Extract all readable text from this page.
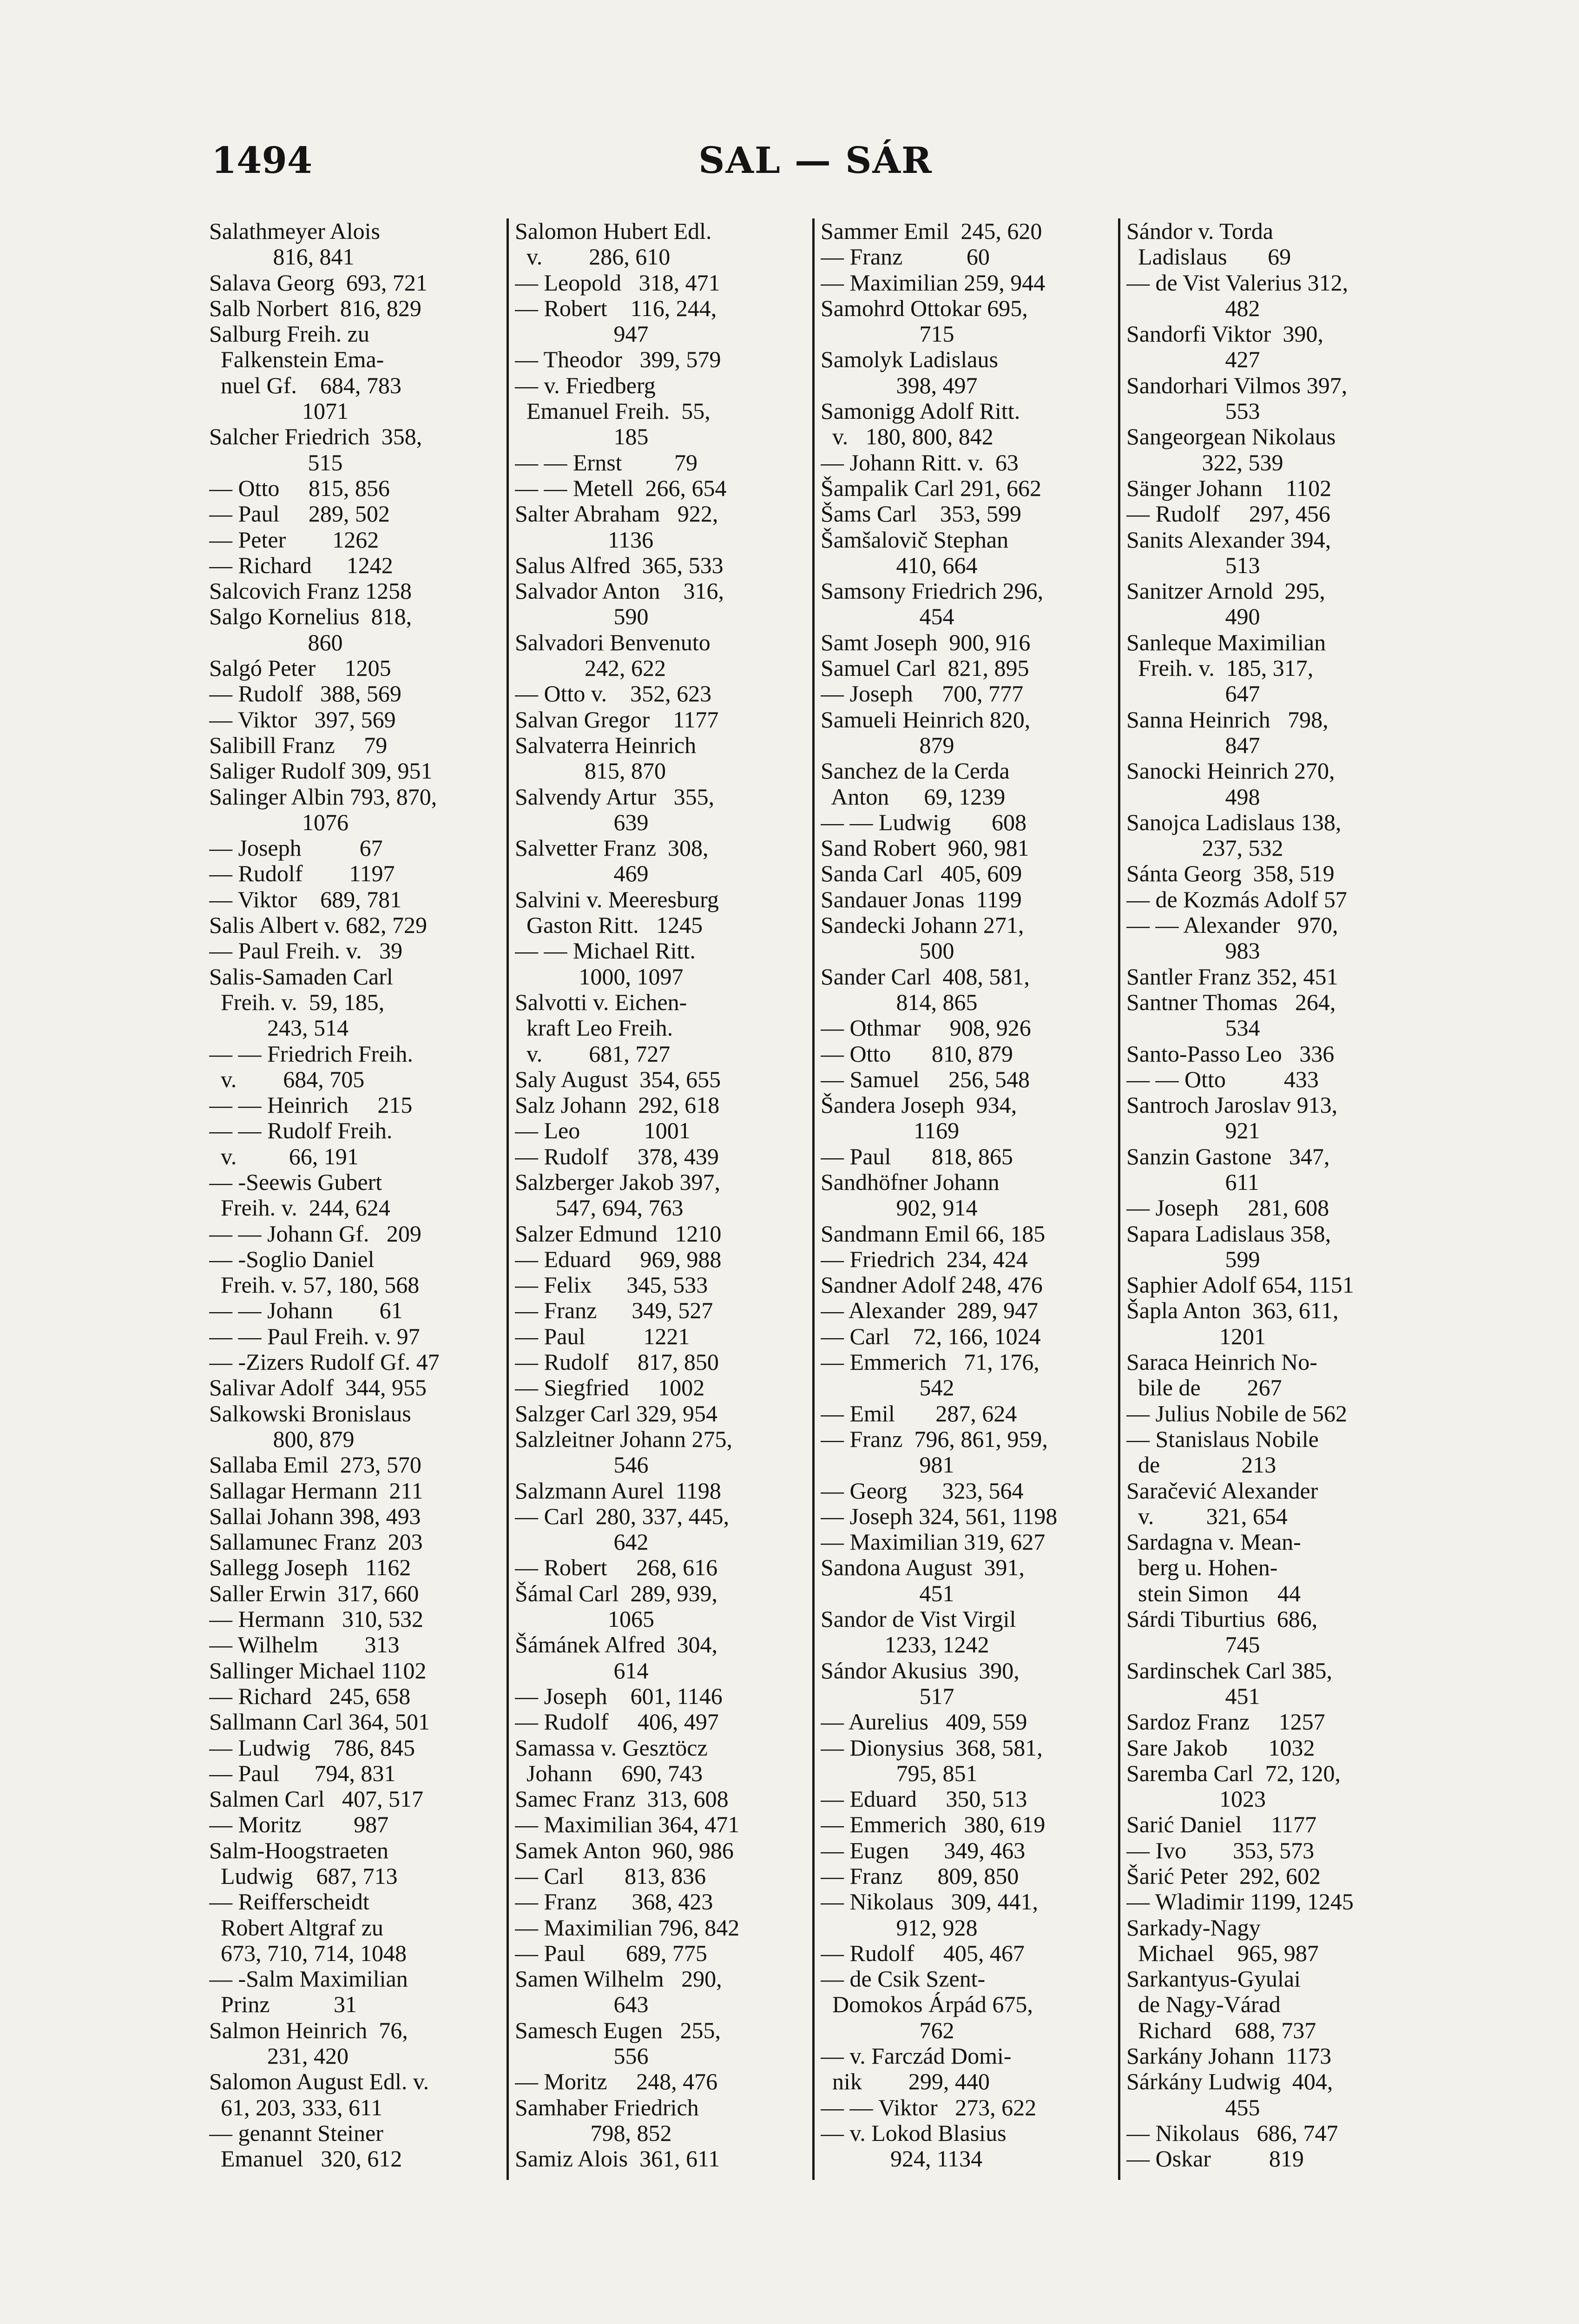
1494	SAL — SÁR
Salathmeyer Alois
816, 841
Salava Georg  693, 721
Salb Norbert  816, 829
Salburg Freih. zu
Falkenstein Ema-
nuel Gf.    684, 783
1071
Salcher Friedrich  358,
515
— Otto     815, 856
— Paul     289, 502
— Peter        1262
— Richard      1242
Salcovich Franz 1258
Salgo Kornelius  818,
860
Salgó Peter     1205
— Rudolf   388, 569
— Viktor   397, 569
Salibill Franz     79
Saliger Rudolf 309, 951
Salinger Albin 793, 870,
1076
— Joseph          67
— Rudolf        1197
— Viktor    689, 781
Salis Albert v. 682, 729
— Paul Freih. v.   39
Salis-Samaden Carl
Freih. v.  59, 185,
243, 514
— — Friedrich Freih.
v.        684, 705
— — Heinrich     215
— — Rudolf Freih.
v.         66, 191
— -Seewis Gubert
Freih. v.  244, 624
— — Johann Gf.   209
— -Soglio Daniel
Freih. v. 57, 180, 568
— — Johann        61
— — Paul Freih. v. 97
— -Zizers Rudolf Gf. 47
Salivar Adolf  344, 955
Salkowski Bronislaus
800, 879
Sallaba Emil  273, 570
Sallagar Hermann  211
Sallai Johann 398, 493
Sallamunec Franz  203
Sallegg Joseph   1162
Saller Erwin  317, 660
— Hermann   310, 532
— Wilhelm        313
Sallinger Michael 1102
— Richard   245, 658
Sallmann Carl 364, 501
— Ludwig    786, 845
— Paul      794, 831
Salmen Carl   407, 517
— Moritz         987
Salm-Hoogstraeten
Ludwig    687, 713
— Reifferscheidt
Robert Altgraf zu
673, 710, 714, 1048
— -Salm Maximilian
Prinz           31
Salmon Heinrich  76,
231, 420
Salomon August Edl. v.
61, 203, 333, 611
— genannt Steiner
Emanuel   320, 612
Salomon Hubert Edl.
v.        286, 610
— Leopold   318, 471
— Robert    116, 244,
947
— Theodor   399, 579
— v. Friedberg
Emanuel Freih.  55,
185
— — Ernst         79
— — Metell  266, 654
Salter Abraham   922,
1136
Salus Alfred  365, 533
Salvador Anton    316,
590
Salvadori Benvenuto
242, 622
— Otto v.    352, 623
Salvan Gregor    1177
Salvaterra Heinrich
815, 870
Salvendy Artur   355,
639
Salvetter Franz  308,
469
Salvini v. Meeresburg
Gaston Ritt.   1245
— — Michael Ritt.
1000, 1097
Salvotti v. Eichen-
kraft Leo Freih.
v.        681, 727
Saly August  354, 655
Salz Johann  292, 618
— Leo           1001
— Rudolf     378, 439
Salzberger Jakob 397,
547, 694, 763
Salzer Edmund   1210
— Eduard     969, 988
— Felix      345, 533
— Franz      349, 527
— Paul          1221
— Rudolf     817, 850
— Siegfried     1002
Salzger Carl 329, 954
Salzleitner Johann 275,
546
Salzmann Aurel  1198
— Carl  280, 337, 445,
642
— Robert     268, 616
Šámal Carl  289, 939,
1065
Šámánek Alfred  304,
614
— Joseph    601, 1146
— Rudolf     406, 497
Samassa v. Gesztöcz
Johann     690, 743
Samec Franz  313, 608
— Maximilian 364, 471
Samek Anton  960, 986
— Carl       813, 836
— Franz      368, 423
— Maximilian 796, 842
— Paul       689, 775
Samen Wilhelm   290,
643
Samesch Eugen   255,
556
— Moritz     248, 476
Samhaber Friedrich
798, 852
Samiz Alois  361, 611
Sammer Emil  245, 620
— Franz           60
— Maximilian 259, 944
Samohrd Ottokar 695,
715
Samolyk Ladislaus
398, 497
Samonigg Adolf Ritt.
v.   180, 800, 842
— Johann Ritt. v.  63
Šampalik Carl 291, 662
Šams Carl    353, 599
Šamšalovič Stephan
410, 664
Samsony Friedrich 296,
454
Samt Joseph  900, 916
Samuel Carl  821, 895
— Joseph     700, 777
Samueli Heinrich 820,
879
Sanchez de la Cerda
Anton      69, 1239
— — Ludwig       608
Sand Robert  960, 981
Sanda Carl   405, 609
Sandauer Jonas  1199
Sandecki Johann 271,
500
Sander Carl  408, 581,
814, 865
— Othmar     908, 926
— Otto       810, 879
— Samuel     256, 548
Šandera Joseph  934,
1169
— Paul       818, 865
Sandhöfner Johann
902, 914
Sandmann Emil 66, 185
— Friedrich  234, 424
Sandner Adolf 248, 476
— Alexander  289, 947
— Carl    72, 166, 1024
— Emmerich   71, 176,
542
— Emil       287, 624
— Franz  796, 861, 959,
981
— Georg      323, 564
— Joseph 324, 561, 1198
— Maximilian 319, 627
Sandona August  391,
451
Sandor de Vist Virgil
1233, 1242
Sándor Akusius  390,
517
— Aurelius   409, 559
— Dionysius  368, 581,
795, 851
— Eduard     350, 513
— Emmerich   380, 619
— Eugen      349, 463
— Franz      809, 850
— Nikolaus   309, 441,
912, 928
— Rudolf     405, 467
— de Csik Szent-
Domokos Árpád 675,
762
— v. Farczád Domi-
nik        299, 440
— — Viktor   273, 622
— v. Lokod Blasius
924, 1134
Sándor v. Torda
Ladislaus       69
— de Vist Valerius 312,
482
Sandorfi Viktor  390,
427
Sandorhari Vilmos 397,
553
Sangeorgean Nikolaus
322, 539
Sänger Johann    1102
— Rudolf     297, 456
Sanits Alexander 394,
513
Sanitzer Arnold  295,
490
Sanleque Maximilian
Freih. v.  185, 317,
647
Sanna Heinrich   798,
847
Sanocki Heinrich 270,
498
Sanojca Ladislaus 138,
237, 532
Sánta Georg  358, 519
— de Kozmás Adolf 57
— — Alexander   970,
983
Santler Franz 352, 451
Santner Thomas   264,
534
Santo-Passo Leo   336
— — Otto          433
Santroch Jaroslav 913,
921
Sanzin Gastone   347,
611
— Joseph     281, 608
Sapara Ladislaus 358,
599
Saphier Adolf 654, 1151
Šapla Anton  363, 611,
1201
Saraca Heinrich No-
bile de        267
— Julius Nobile de 562
— Stanislaus Nobile
de              213
Saračević Alexander
v.         321, 654
Sardagna v. Mean-
berg u. Hohen-
stein Simon     44
Sárdi Tiburtius  686,
745
Sardinschek Carl 385,
451
Sardoz Franz     1257
Sare Jakob       1032
Saremba Carl  72, 120,
1023
Sarić Daniel     1177
— Ivo        353, 573
Šarić Peter  292, 602
— Wladimir 1199, 1245
Sarkady-Nagy
Michael    965, 987
Sarkantyus-Gyulai
de Nagy-Várad
Richard    688, 737
Sarkány Johann  1173
Sárkány Ludwig  404,
455
— Nikolaus   686, 747
— Oskar          819
